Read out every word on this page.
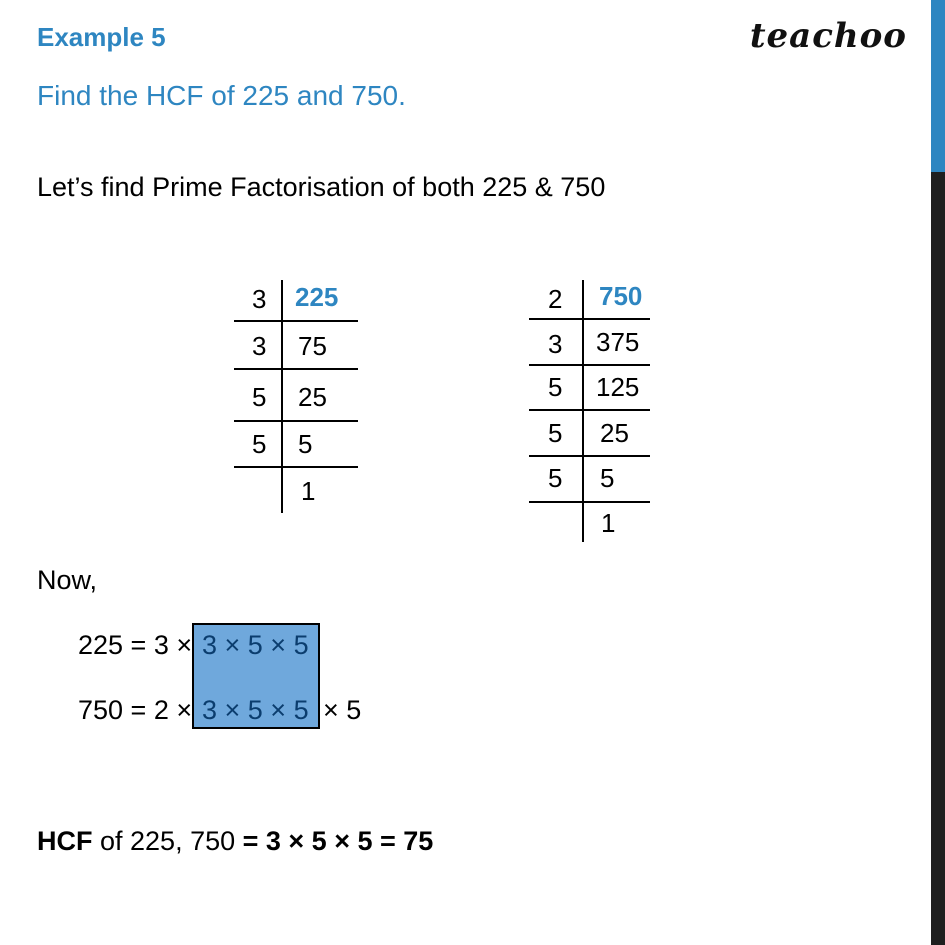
Example 5	teachoo
Find the HCF of 225 and 750.
Let’s find Prime Factorisation of both 225 & 750
3 225
3 75
5 25
5 5
1
2 750
3 375
5 125
5 25
5 5
1
Now,
225 = 3 × 3 × 5 × 5
750 = 2 × 3 × 5 × 5 × 5
HCF of 225, 750 = 3 × 5 × 5 = 75
